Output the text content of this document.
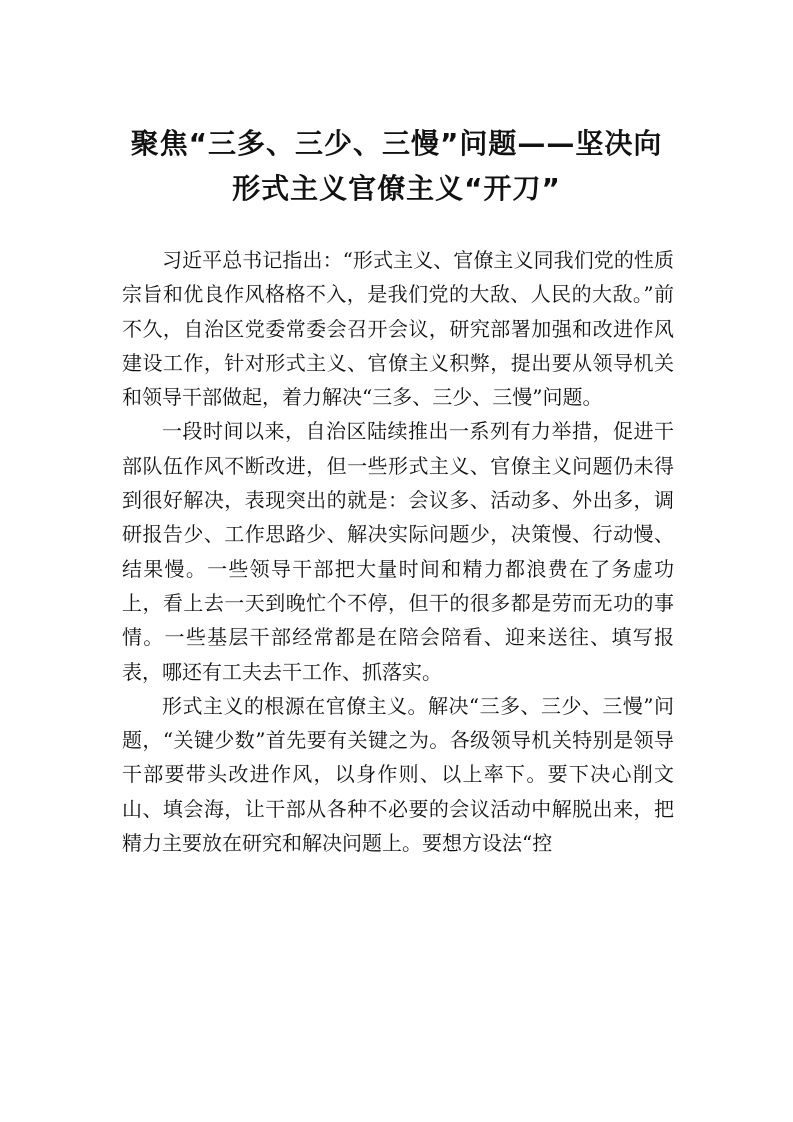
聚焦“三多、三少、三慢”问题——坚决向
形式主义官僚主义“开刀”

习近平总书记指出：“形式主义、官僚主义同我们党的性质宗旨和优良作风格格不入，是我们党的大敌、人民的大敌。”前不久，自治区党委常委会召开会议，研究部署加强和改进作风建设工作，针对形式主义、官僚主义积弊，提出要从领导机关和领导干部做起，着力解决“三多、三少、三慢”问题。

一段时间以来，自治区陆续推出一系列有力举措，促进干部队伍作风不断改进，但一些形式主义、官僚主义问题仍未得到很好解决，表现突出的就是：会议多、活动多、外出多，调研报告少、工作思路少、解决实际问题少，决策慢、行动慢、结果慢。一些领导干部把大量时间和精力都浪费在了务虚功上，看上去一天到晚忙个不停，但干的很多都是劳而无功的事情。一些基层干部经常都是在陪会陪看、迎来送往、填写报表，哪还有工夫去干工作、抓落实。

形式主义的根源在官僚主义。解决“三多、三少、三慢”问题，“关键少数”首先要有关键之为。各级领导机关特别是领导干部要带头改进作风，以身作则、以上率下。要下决心削文山、填会海，让干部从各种不必要的会议活动中解脱出来，把精力主要放在研究和解决问题上。要想方设法“控
